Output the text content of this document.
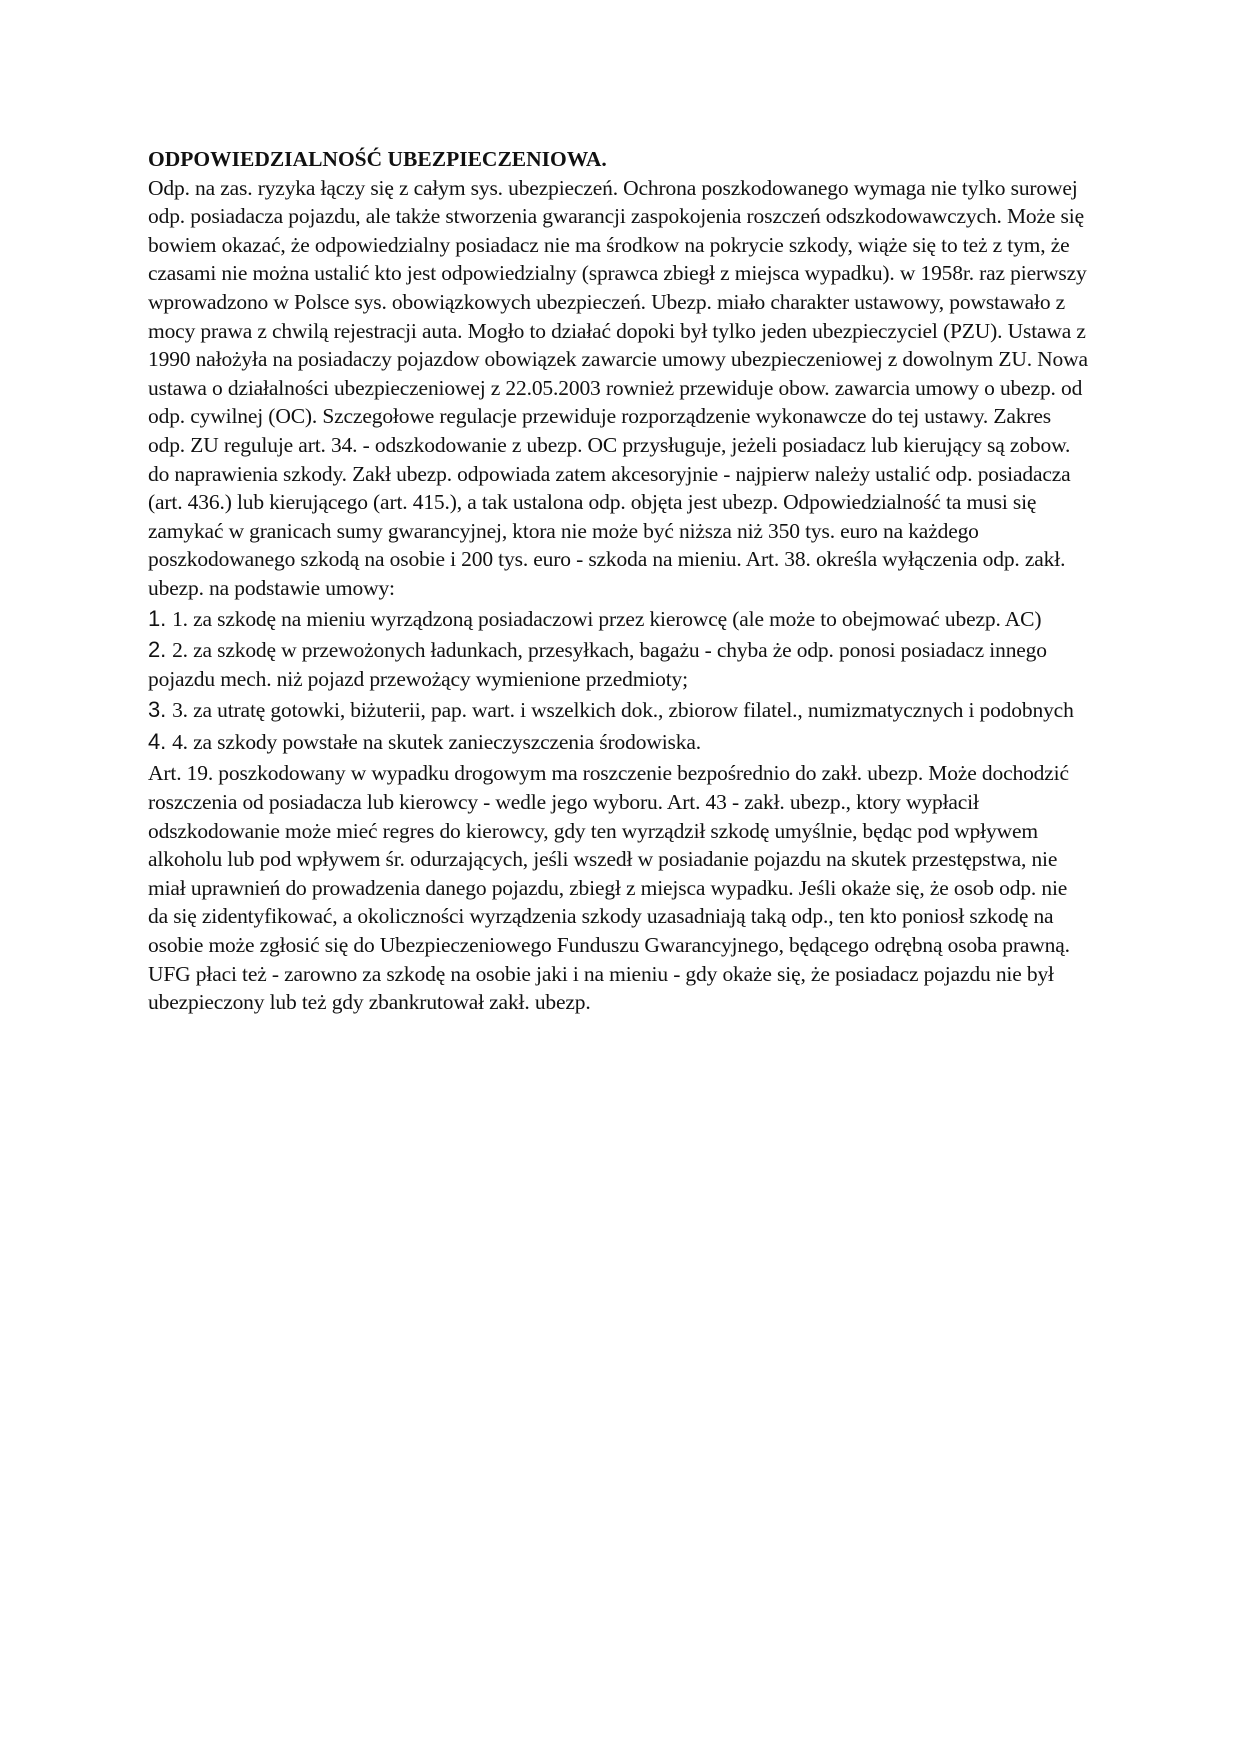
ODPOWIEDZIALNOŚĆ UBEZPIECZENIOWA.

Odp. na zas. ryzyka łączy się z całym sys. ubezpieczeń. Ochrona poszkodowanego wymaga nie tylko surowej odp. posiadacza pojazdu, ale także stworzenia gwarancji zaspokojenia roszczeń odszkodowawczych. Może się bowiem okazać, że odpowiedzialny posiadacz nie ma środkow na pokrycie szkody, wiąże się to też z tym, że czasami nie można ustalić kto jest odpowiedzialny (sprawca zbiegł z miejsca wypadku). w 1958r. raz pierwszy wprowadzono w Polsce sys. obowiązkowych ubezpieczeń. Ubezp. miało charakter ustawowy, powstawało z mocy prawa z chwilą rejestracji auta. Mogło to działać dopoki był tylko jeden ubezpieczyciel (PZU). Ustawa z 1990 nałożyła na posiadaczy pojazdow obowiązek zawarcie umowy ubezpieczeniowej z dowolnym ZU. Nowa ustawa o działalności ubezpieczeniowej z 22.05.2003 rownież przewiduje obow. zawarcia umowy o ubezp. od odp. cywilnej (OC). Szczegołowe regulacje przewiduje rozporządzenie wykonawcze do tej ustawy. Zakres odp. ZU reguluje art. 34. - odszkodowanie z ubezp. OC przysługuje, jeżeli posiadacz lub kierujący są zobow. do naprawienia szkody. Zakł ubezp. odpowiada zatem akcesoryjnie - najpierw należy ustalić odp. posiadacza (art. 436.) lub kierującego (art. 415.), a tak ustalona odp. objęta jest ubezp. Odpowiedzialność ta musi się zamykać w granicach sumy gwarancyjnej, ktora nie może być niższa niż 350 tys. euro na każdego poszkodowanego szkodą na osobie i 200 tys. euro - szkoda na mieniu. Art. 38. określa wyłączenia odp. zakł. ubezp. na podstawie umowy:

1. 1. za szkodę na mieniu wyrządzoną posiadaczowi przez kierowcę (ale może to obejmować ubezp. AC)
2. 2. za szkodę w przewożonych ładunkach, przesyłkach, bagażu - chyba że odp. ponosi posiadacz innego pojazdu mech. niż pojazd przewożący wymienione przedmioty;
3. 3. za utratę gotowki, biżuterii, pap. wart. i wszelkich dok., zbiorow filatel., numizmatycznych i podobnych
4. 4. za szkody powstałe na skutek zanieczyszczenia środowiska.

Art. 19. poszkodowany w wypadku drogowym ma roszczenie bezpośrednio do zakł. ubezp. Może dochodzić roszczenia od posiadacza lub kierowcy - wedle jego wyboru. Art. 43 - zakł. ubezp., ktory wypłacił odszkodowanie może mieć regres do kierowcy, gdy ten wyrządził szkodę umyślnie, będąc pod wpływem alkoholu lub pod wpływem śr. odurzających, jeśli wszedł w posiadanie pojazdu na skutek przestępstwa, nie miał uprawnień do prowadzenia danego pojazdu, zbiegł z miejsca wypadku. Jeśli okaże się, że osob odp. nie da się zidentyfikować, a okoliczności wyrządzenia szkody uzasadniają taką odp., ten kto poniosł szkodę na osobie może zgłosić się do Ubezpieczeniowego Funduszu Gwarancyjnego, będącego odrębną osoba prawną. UFG płaci też - zarowno za szkodę na osobie jaki i na mieniu - gdy okaże się, że posiadacz pojazdu nie był ubezpieczony lub też gdy zbankrutował zakł. ubezp.
